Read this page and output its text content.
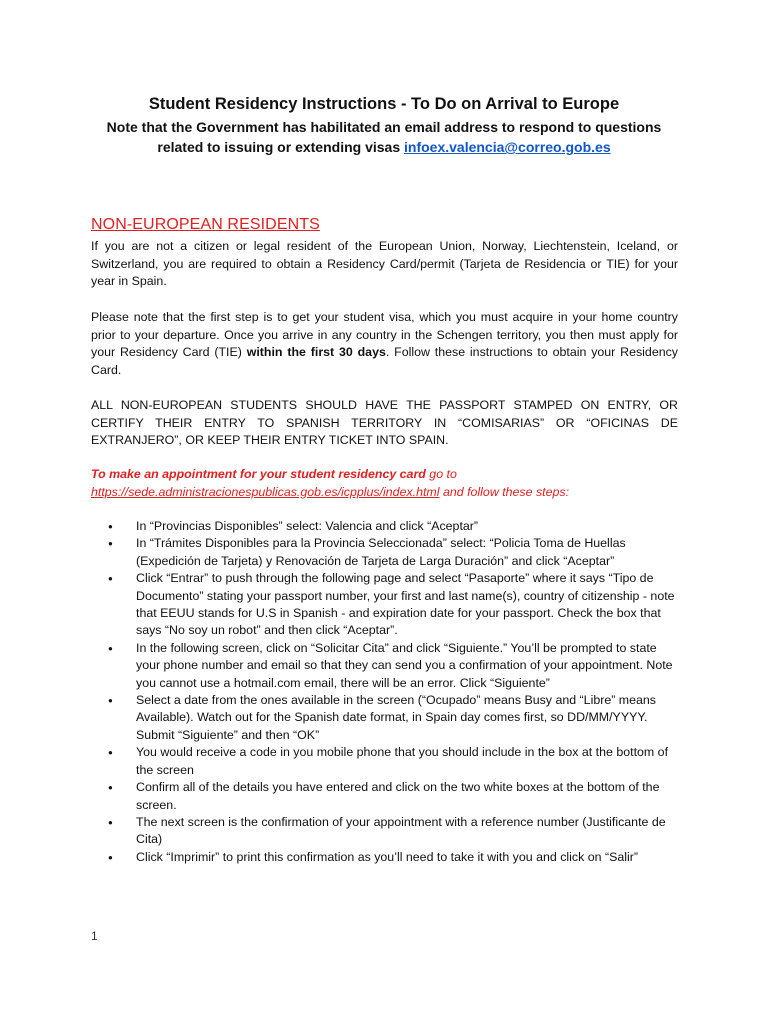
Student Residency Instructions - To Do on Arrival to Europe
Note that the Government has habilitated an email address to respond to questions related to issuing or extending visas infoex.valencia@correo.gob.es
NON-EUROPEAN RESIDENTS
If you are not a citizen or legal resident of the European Union, Norway, Liechtenstein, Iceland, or Switzerland, you are required to obtain a Residency Card/permit (Tarjeta de Residencia or TIE) for your year in Spain.
Please note that the first step is to get your student visa, which you must acquire in your home country prior to your departure. Once you arrive in any country in the Schengen territory, you then must apply for your Residency Card (TIE) within the first 30 days. Follow these instructions to obtain your Residency Card.
ALL NON-EUROPEAN STUDENTS SHOULD HAVE THE PASSPORT STAMPED ON ENTRY, OR CERTIFY THEIR ENTRY TO SPANISH TERRITORY IN “COMISARIAS” OR “OFICINAS DE EXTRANJERO”, OR KEEP THEIR ENTRY TICKET INTO SPAIN.
To make an appointment for your student residency card go to
https://sede.administracionespublicas.gob.es/icpplus/index.html and follow these steps:
● In “Provincias Disponibles” select: Valencia and click “Aceptar”
● In “Trámites Disponibles para la Provincia Seleccionada” select: “Policia Toma de Huellas (Expedición de Tarjeta) y Renovación de Tarjeta de Larga Duración” and click “Aceptar”
● Click “Entrar” to push through the following page and select “Pasaporte” where it says “Tipo de Documento” stating your passport number, your first and last name(s), country of citizenship - note that EEUU stands for U.S in Spanish - and expiration date for your passport. Check the box that says “No soy un robot” and then click “Aceptar”.
● In the following screen, click on “Solicitar Cita” and click “Siguiente.” You’ll be prompted to state your phone number and email so that they can send you a confirmation of your appointment. Note you cannot use a hotmail.com email, there will be an error. Click “Siguiente”
● Select a date from the ones available in the screen (“Ocupado” means Busy and “Libre” means Available). Watch out for the Spanish date format, in Spain day comes first, so DD/MM/YYYY. Submit “Siguiente” and then “OK”
● You would receive a code in you mobile phone that you should include in the box at the bottom of the screen
● Confirm all of the details you have entered and click on the two white boxes at the bottom of the screen.
● The next screen is the confirmation of your appointment with a reference number (Justificante de Cita)
● Click “Imprimir” to print this confirmation as you’ll need to take it with you and click on “Salir”
1
